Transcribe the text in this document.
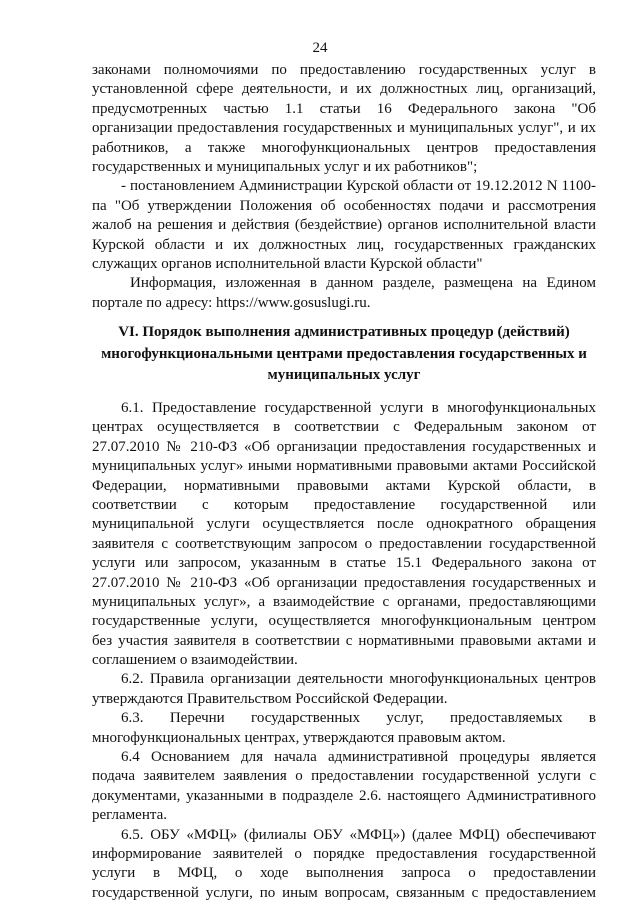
24
законами полномочиями по предоставлению государственных услуг в
установленной сфере деятельности, и их должностных лиц, организаций,
предусмотренных частью 1.1 статьи 16 Федерального закона "Об
организации предоставления государственных и муниципальных услуг", и их
работников, а также многофункциональных центров предоставления
государственных и муниципальных услуг и их работников";
- постановлением Администрации Курской области от 19.12.2012 N 1100-
па "Об утверждении Положения об особенностях подачи и рассмотрения
жалоб на решения и действия (бездействие) органов исполнительной власти
Курской области и их должностных лиц, государственных гражданских
служащих органов исполнительной власти Курской области"
Информация, изложенная в данном разделе, размещена на Едином
портале по адресу: https://www.gosuslugi.ru.
VI. Порядок выполнения административных процедур (действий)
многофункциональными центрами предоставления государственных и
муниципальных услуг
6.1. Предоставление государственной услуги в многофункциональных
центрах осуществляется в соответствии с Федеральным законом от
27.07.2010 № 210-ФЗ «Об организации предоставления государственных и
муниципальных услуг» иными нормативными правовыми актами Российской
Федерации, нормативными правовыми актами Курской области, в
соответствии с которым предоставление государственной или
муниципальной услуги осуществляется после однократного обращения
заявителя с соответствующим запросом о предоставлении государственной
услуги или запросом, указанным в статье 15.1 Федерального закона от
27.07.2010 № 210-ФЗ «Об организации предоставления государственных и
муниципальных услуг», а взаимодействие с органами, предоставляющими
государственные услуги, осуществляется многофункциональным центром
без участия заявителя в соответствии с нормативными правовыми актами и
соглашением о взаимодействии.
6.2. Правила организации деятельности многофункциональных центров
утверждаются Правительством Российской Федерации.
6.3. Перечни государственных услуг, предоставляемых в
многофункциональных центрах, утверждаются правовым актом.
6.4 Основанием для начала административной процедуры является
подача заявителем заявления о предоставлении государственной услуги с
документами, указанными в подразделе 2.6. настоящего Административного
регламента.
6.5. ОБУ «МФЦ» (филиалы ОБУ «МФЦ») (далее МФЦ) обеспечивают
информирование заявителей о порядке предоставления государственной
услуги в МФЦ, о ходе выполнения запроса о предоставлении
государственной услуги, по иным вопросам, связанным с предоставлением
